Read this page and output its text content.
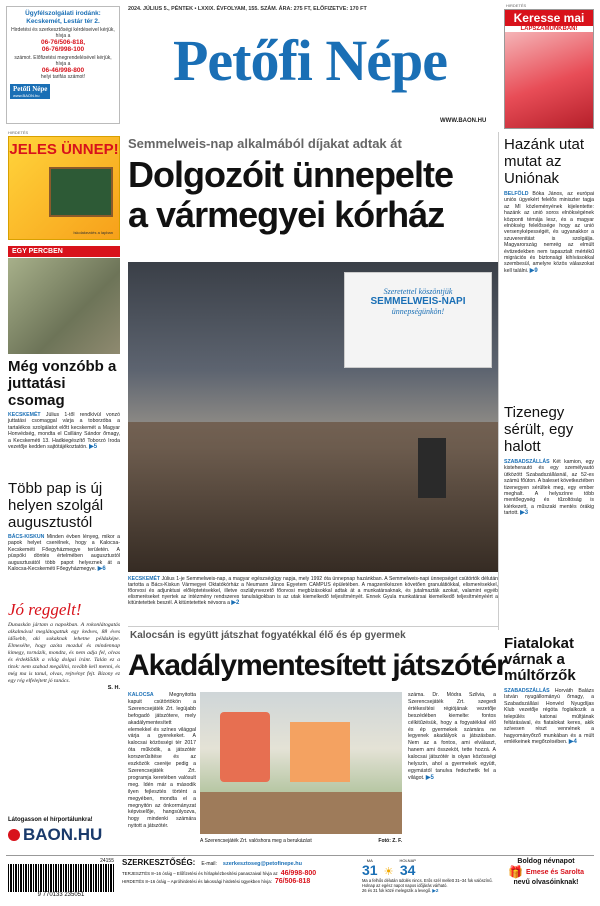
Ügyfélszolgálati irodánk: Kecskemét, Lestár tér 2.
Hirdetési és szerkesztőségi kérdéseivel kérjük, hívja a
06-76/506-818,
06-76/998-100
számot. Előfizetési megrendelésével kérjük, hívja a
06-46/998-800
helyi tarifás számot!
Petőfi Népe
www.BAON.hu
2024. JÚLIUS 5., PÉNTEK • LXXIX. ÉVFOLYAM, 155. SZÁM. ÁRA: 275 FT, ELŐFIZETVE: 170 FT
Petőfi Népe
WWW.BAON.HU
HIRDETÉS
Keresse mai
LAPSZÁMUNKBAN!
HIRDETÉS
JELES ÜNNEP!
Iskolakezdés a lapban
EGY PERCBEN
Még vonzóbb a juttatási csomag
KECSKEMÉT Július 1-től rendkívül vonzó juttatási csomaggal várja a toborzóba a tartalékos szolgálatot előtt kecskemét a Magyar Honvédség, mondta el Csillány Sándor őrnagy, a Kecskeméti 13. Hadkiegészítő Toborzó Iroda vezetője kedden sajtótájékoztatón. ▶5
Több pap is új helyen szolgál augusztustól
BÁCS-KISKUN Minden évben lényeg, mikor a papok helyet cserélnek, hogy a Kalocsa-Kecskeméti Főegyházmegye területén. A püspöki döntés értelmében augusztustól augusztusától több papot helyeznek át a Kalocsa-Kecskeméti Főegyházmegye. ▶6
Jó reggelt!
Dunaskán jártam a napokban. A rokonlátogatás alkalmával meglátogattuk egy kedves, 88 éves idősebb, aki sokaknak lehetne példaképe. Elmesélte, hogy azóta mozdul és mindennap kimegy, tornázik, mondta, és nem adja fel, olvas és érdeklődik a világ dolgai iránt. Talán ez a titok: nem szabad megállni, tovább kell menni, és még ma is tanul, olvas, rejtvényt fejt. Bizony ez egy rég elfelejtett jó tanács.
S. H.
Látogasson el hírportálunkra!
BAON.HU
Semmelweis-nap alkalmából díjakat adtak át
Dolgozóit ünnepelte
a vármegyei kórház
Szeretettel köszöntjük
SEMMELWEIS-NAPI
ünnepségünkön!
KECSKEMÉT Július 1-je Semmelweis-nap, a magyar egészségügy napja, mely 1992 óta ünnepnap hazánkban. A Semmelweis-napi ünnepséget csütörtök délután tartotta a Bács-Kiskun Vármegyei Oktatókórház a Neumann János Egyetem CAMPUS épületében. A magzenikészen követően granulátiókkal, elismerésekkel, főorvosi és adjunktusi előléptetésekkel, illetve oszlálynvezető főorvosi megbízásokkal adtak át a munkatársaknak, és jutalmazták azokat, valamint egyéb elismeréseket nyertek az intézmény rendszeres tanulságokban is az utak kiemelkedő teljesítményét. Ennek Gyula munkatársai kiemelkedő teljesítményéért a kitüntetettek beszél. A kitüntetettek névsora a ▶2
Hazánk utat mutat az Uniónak
BELFÖLD Bóka János, az európai uniós ügyekért felelős miniszter tagja az MI közleményének kijelentette: hazánk az unió soros elnökségének központi témája lesz, és a magyar elnökség felelőssége hogy az unió versenyképességét, és ugyanakkor a szuverenitást is szolgálja. Magyarország nemrég az elmúlt évtizedekben nem tapasztalt mértékű migrációs és biztonsági kihívásokkal szembesül, amelyre közös válaszokat kell találni. ▶9
Tizenegy sérült, egy halott
SZABADSZÁLLÁS Két kamion, egy kisteherautó és egy személyautó ütközött Szabadszállásnál, az 52-es számú főúton. A baleset következtében tizenegyen sérültek meg, egy ember meghalt. A helyszínre több mentőegység és tűzoltóság is kiérkezett, a műszaki mentés órákig tartott. ▶3
Fiatalokat várnak a múltőrzők
SZABADSZÁLLÁS Horváth Balázs István nyugállományú őrnagy, a Szabadszállási Honvéd Nyugdíjas Klub vezetője régóta foglalkozik a település katonai múltjának feltárásával, és fiatalokat keres, akik szívesen részt vennének a hagyományőrző munkában és a múlt emlékeinek megőrzésében. ▶4
Kalocsán is együtt játszhat fogyatékkal élő és ép gyermek
Akadálymentesített játszótér
KALOCSA	Megnyitotta kapuit csütörtökön a Szerencsejáték Zrt. legújabb befogadó játszótere, mely akadálymentesített elemekkel és színes világgal várja a gyerekeket. A kalocsai közösségi tér 2017 óta működik, a játszótér korszerűsítése és az eszközök cseréje pedig a Szerencsejáték Zrt. programja keretében valósult meg. Idén már a második ilyen fejlesztés történt a megyében, mondta el a megnyitón az önkormányzat képviselője, hangsúlyozva, hogy mindenki számára nyitott a játszótér.
A Szerencsejáték Zrt. valóshora meg a berukázást	Fotó: Z. F.
száma. Dr. Módra Szilvia, a Szerencsejáték Zrt. szegedi értékesítési régiójának vezetője beszédében kiemelte: fontos célkitűzésük, hogy a fogyatékkal élő és ép gyermekek számára ne legyenek akadályok a játszásban. Nem az a fontos, ami elválaszt, hanem ami összeköt, tette hozzá. A kalocsai játszótér is olyan közösségi helyszín, ahol a gyermekek együtt, egymástól tanulva fedezhetik fel a világot. ▶5
24155
9 770133 235051
SZERKESZTŐSÉG: E-mail: szerkesztoseg@petofinepe.hu
TERJESZTÉS 8–16 óráig – Előfizetési és hírlapkézbesítési panaszaival hívja az 46/998-800
HIRDETÉS 8–16 óráig – Apróhirdetési és lakossági hirdetési ügyekben hívja: 76/506-818
MA
31 ☀
HOLNAP
34
Ma a felhős délután üdülés nincs. Erős szél mellett 31–34 fok valószínű. Holnap az egész napot napos időjárás várható.
26 és 31 fok közé melegszik a levegő. ▶2
Boldog névnapot
🎁 Emese és Sarolta
nevű olvasóinknak!
